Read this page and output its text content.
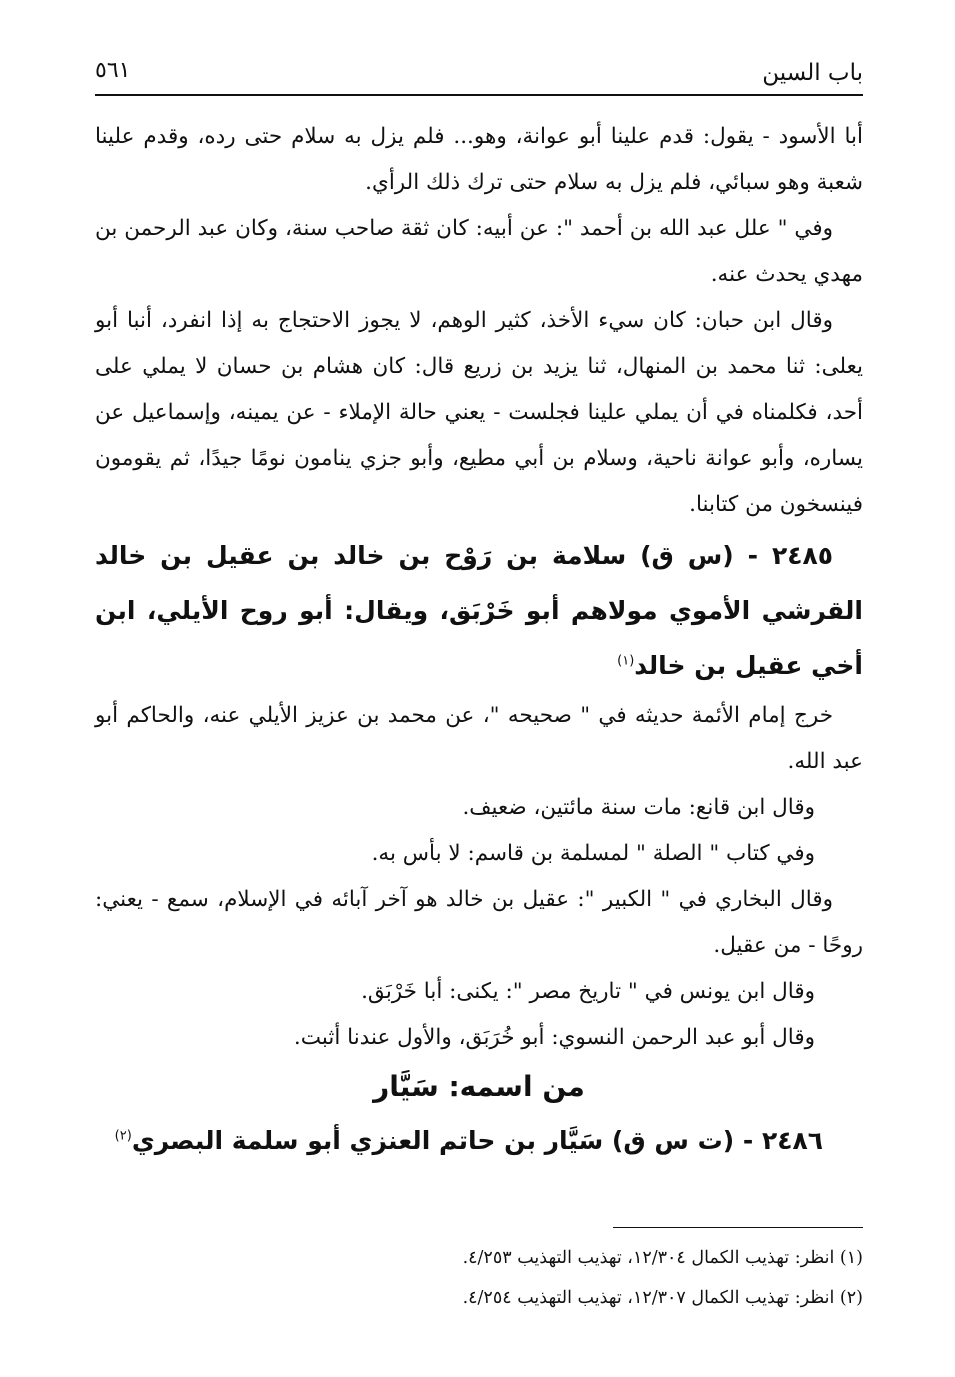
باب السين
٥٦١

أبا الأسود - يقول: قدم علينا أبو عوانة، وهو... فلم يزل به سلام حتى رده، وقدم علينا شعبة وهو سبائي، فلم يزل به سلام حتى ترك ذلك الرأي.

وفي " علل عبد الله بن أحمد ": عن أبيه: كان ثقة صاحب سنة، وكان عبد الرحمن بن مهدي يحدث عنه.

وقال ابن حبان: كان سيء الأخذ، كثير الوهم، لا يجوز الاحتجاج به إذا انفرد، أنبا أبو يعلى: ثنا محمد بن المنهال، ثنا يزيد بن زريع قال: كان هشام بن حسان لا يملي على أحد، فكلمناه في أن يملي علينا فجلست - يعني حالة الإملاء - عن يمينه، وإسماعيل عن يساره، وأبو عوانة ناحية، وسلام بن أبي مطيع، وأبو جزي ينامون نومًا جيدًا، ثم يقومون فينسخون من كتابنا.

٢٤٨٥ - (س ق) سلامة بن رَوْح بن خالد بن عقيل بن خالد القرشي الأموي مولاهم أبو خَرْبَق، ويقال: أبو روح الأيلي، ابن أخي عقيل بن خالد$^{(١)}$

خرج إمام الأئمة حديثه في " صحيحه "، عن محمد بن عزيز الأيلي عنه، والحاكم أبو عبد الله.

وقال ابن قانع: مات سنة مائتين، ضعيف.

وفي كتاب " الصلة " لمسلمة بن قاسم: لا بأس به.

وقال البخاري في " الكبير ": عقيل بن خالد هو آخر آبائه في الإسلام، سمع - يعني: روحًا - من عقيل.

وقال ابن يونس في " تاريخ مصر ": يكنى: أبا خَرْبَق.

وقال أبو عبد الرحمن النسوي: أبو خُرَبَق، والأول عندنا أثبت.

من اسمه: سَيَّار

٢٤٨٦ - (ت س ق) سَيَّار بن حاتم العنزي أبو سلمة البصري$^{(٢)}$

(١) انظر: تهذيب الكمال ١٢/٣٠٤، تهذيب التهذيب ٤/٢٥٣.

(٢) انظر: تهذيب الكمال ١٢/٣٠٧، تهذيب التهذيب ٤/٢٥٤.
